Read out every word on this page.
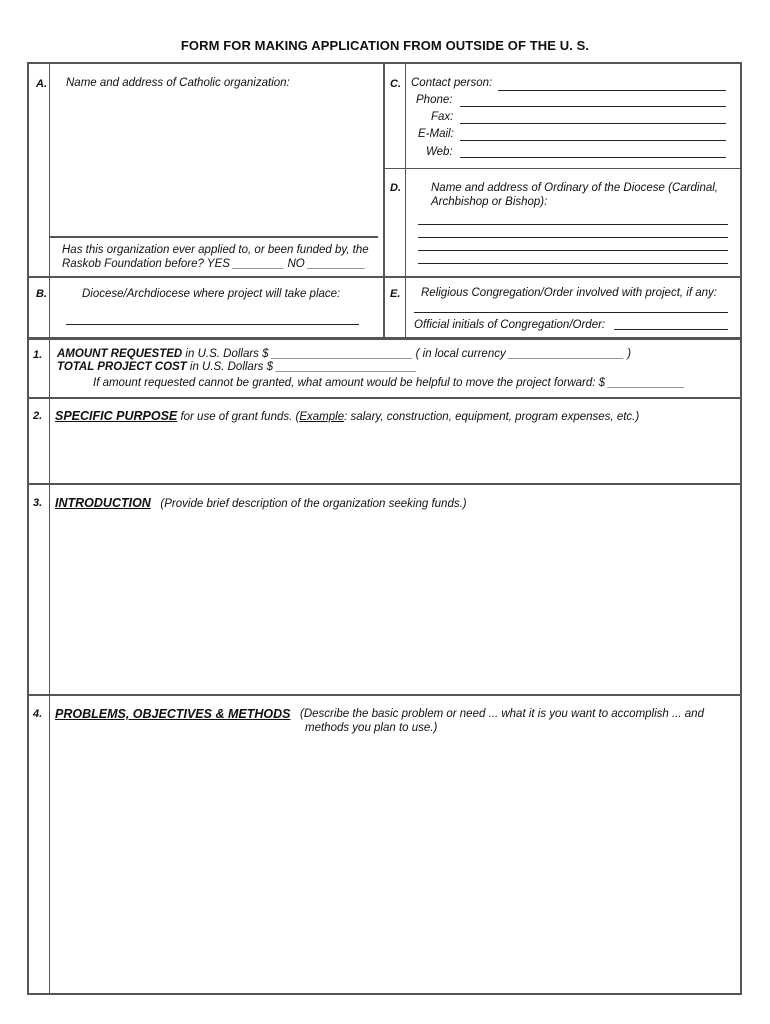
FORM FOR MAKING APPLICATION FROM OUTSIDE OF THE U. S.
A. Name and address of Catholic organization:
Has this organization ever applied to, or been funded by, the
Raskob Foundation before? YES ________ NO _________
C. Contact person:
Phone:
Fax:
E-Mail:
Web:
D.	Name and address of Ordinary of the Diocese (Cardinal,
Archbishop or Bishop):
B.	Diocese/Archdiocese where project will take place:	E. Religious Congregation/Order involved with project, if any:
Official initials of Congregation/Order:
1. AMOUNT REQUESTED in U.S. Dollars $ ______________________ ( in local currency __________________ )
TOTAL PROJECT COST in U.S. Dollars $ ______________________
If amount requested cannot be granted, what amount would be helpful to move the project forward: $ ____________
2. SPECIFIC PURPOSE for use of grant funds. (Example: salary, construction, equipment, program expenses, etc.)
3. INTRODUCTION (Provide brief description of the organization seeking funds.)
4. PROBLEMS, OBJECTIVES & METHODS (Describe the basic problem or need ... what it is you want to accomplish ... and
methods you plan to use.)
